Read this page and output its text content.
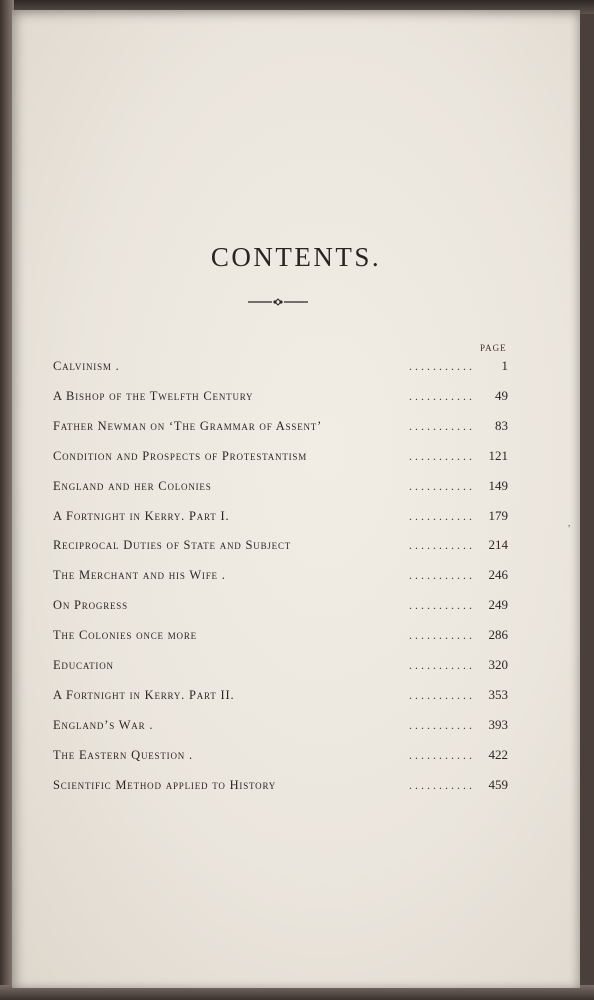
CONTENTS.
PAGE
Calvinism .	. . . . . . . . . . .	1
A Bishop of the Twelfth Century	. . . . . . . . . . .	49
Father Newman on ‘The Grammar of Assent’	. . . . . . . . . . .	83
Condition and Prospects of Protestantism	. . . . . . . . . . .	121
England and her Colonies	. . . . . . . . . . .	149
A Fortnight in Kerry. Part I.	. . . . . . . . . . .	179
Reciprocal Duties of State and Subject	. . . . . . . . . . .	214
The Merchant and his Wife .	. . . . . . . . . . .	246
On Progress	. . . . . . . . . . .	249
The Colonies once more	. . . . . . . . . . .	286
Education	. . . . . . . . . . .	320
A Fortnight in Kerry. Part II.	. . . . . . . . . . .	353
England’s War .	. . . . . . . . . . .	393
The Eastern Question .	. . . . . . . . . . .	422
Scientific Method applied to History	. . . . . . . . . . .	459
,
